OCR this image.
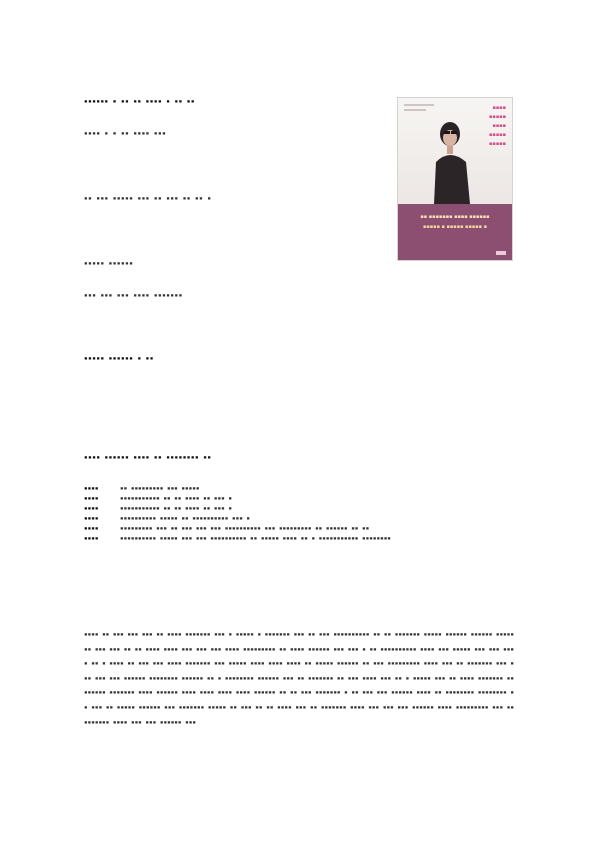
▪▪▪▪▪▪ ▪ ▪▪ ▪▪ ▪▪▪▪ ▪ ▪▪ ▪▪
▪▪▪▪ ▪ ▪ ▪▪ ▪▪▪▪ ▪▪▪
▪▪ ▪▪▪ ▪▪▪▪▪ ▪▪▪ ▪▪ ▪▪▪ ▪▪ ▪▪ ▪
▪▪▪▪▪ ▪▪▪▪▪▪
▪▪▪ ▪▪▪ ▪▪▪ ▪▪▪▪ ▪▪▪▪▪▪▪
▪▪▪▪▪ ▪▪▪▪▪▪ ▪ ▪▪
▪▪▪▪ ▪▪▪▪▪▪ ▪▪▪▪ ▪▪ ▪▪▪▪▪▪▪▪ ▪▪
▪▪▪▪	▪▪ ▪▪▪▪▪▪▪▪▪ ▪▪▪ ▪▪▪▪▪
▪▪▪▪	▪▪▪▪▪▪▪▪▪▪▪ ▪▪ ▪▪ ▪▪▪▪ ▪▪ ▪▪▪ ▪
▪▪▪▪	▪▪▪▪▪▪▪▪▪▪▪ ▪▪ ▪▪ ▪▪▪▪ ▪▪ ▪▪▪ ▪
▪▪▪▪	▪▪▪▪▪▪▪▪▪▪ ▪▪▪▪▪ ▪▪ ▪▪▪▪▪▪▪▪▪▪ ▪▪▪ ▪
▪▪▪▪	▪▪▪▪▪▪▪▪▪ ▪▪▪ ▪▪ ▪▪▪ ▪▪▪ ▪▪▪ ▪▪▪▪▪▪▪▪▪▪ ▪▪▪ ▪▪▪▪▪▪▪▪▪ ▪▪ ▪▪▪▪▪▪ ▪▪ ▪▪
▪▪▪▪	▪▪▪▪▪▪▪▪▪▪ ▪▪▪▪▪ ▪▪▪ ▪▪▪ ▪▪▪▪▪▪▪▪▪▪ ▪▪ ▪▪▪▪▪ ▪▪▪▪ ▪▪ ▪ ▪▪▪▪▪▪▪▪▪▪▪ ▪▪▪▪▪▪▪▪
▪▪▪▪ ▪▪ ▪▪▪ ▪▪▪ ▪▪▪ ▪▪ ▪▪▪▪ ▪▪▪▪▪▪▪ ▪▪▪ ▪ ▪▪▪▪▪ ▪ ▪▪▪▪▪▪▪ ▪▪▪ ▪▪ ▪▪▪ ▪▪▪▪▪▪▪▪▪▪ ▪▪ ▪▪ ▪▪▪▪▪▪▪ ▪▪▪▪▪ ▪▪▪▪▪▪ ▪▪▪▪▪▪ ▪▪▪▪▪ ▪▪ ▪▪▪ ▪▪▪ ▪▪ ▪▪ ▪▪▪▪ ▪▪▪▪ ▪▪▪ ▪▪▪ ▪▪▪ ▪▪▪▪ ▪▪▪▪▪▪▪▪▪ ▪▪ ▪▪▪▪ ▪▪▪▪▪▪ ▪▪▪ ▪▪▪ ▪ ▪▪ ▪▪▪▪▪▪▪▪▪▪ ▪▪▪▪ ▪▪▪ ▪▪▪▪▪ ▪▪▪ ▪▪▪ ▪▪▪▪ ▪▪ ▪ ▪▪▪▪ ▪▪ ▪▪▪ ▪▪▪ ▪▪▪▪ ▪▪▪▪▪▪▪ ▪▪▪ ▪▪▪▪▪ ▪▪▪▪ ▪▪▪▪ ▪▪▪▪ ▪▪ ▪▪▪▪▪ ▪▪▪▪▪▪ ▪▪ ▪▪▪ ▪▪▪▪▪▪▪▪▪ ▪▪▪▪ ▪▪▪ ▪▪ ▪▪▪▪▪▪▪ ▪▪▪ ▪ ▪▪ ▪▪▪ ▪▪▪ ▪▪▪▪▪▪ ▪▪▪▪▪▪▪▪ ▪▪▪▪▪▪ ▪▪ ▪ ▪▪▪▪▪▪▪▪ ▪▪▪▪▪▪ ▪▪▪ ▪▪ ▪▪▪▪▪▪▪ ▪▪ ▪▪▪ ▪▪▪▪ ▪▪▪ ▪▪ ▪ ▪▪▪▪▪ ▪▪▪ ▪▪ ▪▪▪▪ ▪▪▪▪▪▪▪ ▪▪ ▪▪▪▪▪▪ ▪▪▪▪▪▪▪ ▪▪▪▪ ▪▪▪▪▪▪ ▪▪▪▪ ▪▪▪▪ ▪▪▪▪ ▪▪▪▪ ▪▪▪▪▪▪ ▪▪ ▪▪ ▪▪▪ ▪▪▪▪▪▪▪ ▪ ▪▪ ▪▪▪ ▪▪▪ ▪▪▪▪▪▪ ▪▪▪▪ ▪▪ ▪▪▪▪▪▪▪▪ ▪▪▪▪▪▪▪▪ ▪▪ ▪▪▪ ▪▪ ▪▪▪▪▪ ▪▪▪▪▪▪ ▪▪▪ ▪▪▪▪▪▪▪ ▪▪▪▪▪ ▪▪ ▪▪▪ ▪▪ ▪▪ ▪▪▪▪ ▪▪▪ ▪▪ ▪▪▪▪▪▪▪ ▪▪▪▪ ▪▪▪ ▪▪▪ ▪▪▪ ▪▪▪▪▪▪ ▪▪▪▪ ▪▪▪▪▪▪▪▪▪ ▪▪▪ ▪▪ ▪▪▪▪▪▪▪ ▪▪▪▪ ▪▪▪ ▪▪▪ ▪▪▪▪▪▪ ▪▪▪
▪▪▪▪
▪▪▪▪▪
▪▪▪▪
▪▪▪▪▪
▪▪▪▪▪
▪▪ ▪▪▪▪▪▪▪ ▪▪▪▪ ▪▪▪▪▪▪
▪▪▪▪▪ ▪ ▪▪▪▪▪ ▪▪▪▪▪ ▪
